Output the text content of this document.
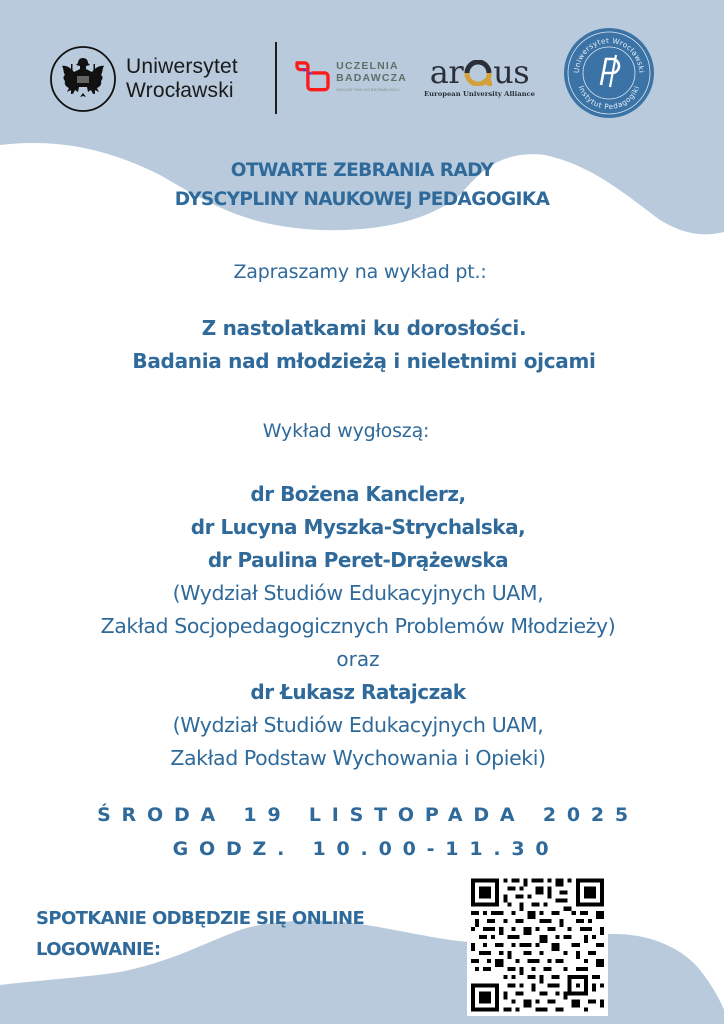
Uniwersytet
Wrocławski
UCZELNIA
BADAWCZA
INICJATYWA DOSKONAŁOŚCI ar us
European University Alliance
Uniwersytet Wrocławski
Instytut Pedagogiki
OTWARTE ZEBRANIA RADY
DYSCYPLINY NAUKOWEJ PEDAGOGIKA
Zapraszamy na wykład pt.:
Z nastolatkami ku dorosłości.
Badania nad młodzieżą i nieletnimi ojcami
Wykład wygłoszą:
dr Bożena Kanclerz,
dr Lucyna Myszka-Strychalska,
dr Paulina Peret-Drążewska
(Wydział Studiów Edukacyjnych UAM,
Zakład Socjopedagogicznych Problemów Młodzieży)
oraz
dr Łukasz Ratajczak
(Wydział Studiów Edukacyjnych UAM,
Zakład Podstaw Wychowania i Opieki)
ŚRODA 19 LISTOPADA 2025
GODZ. 10.00-11.30
SPOTKANIE ODBĘDZIE SIĘ ONLINE
LOGOWANIE:
